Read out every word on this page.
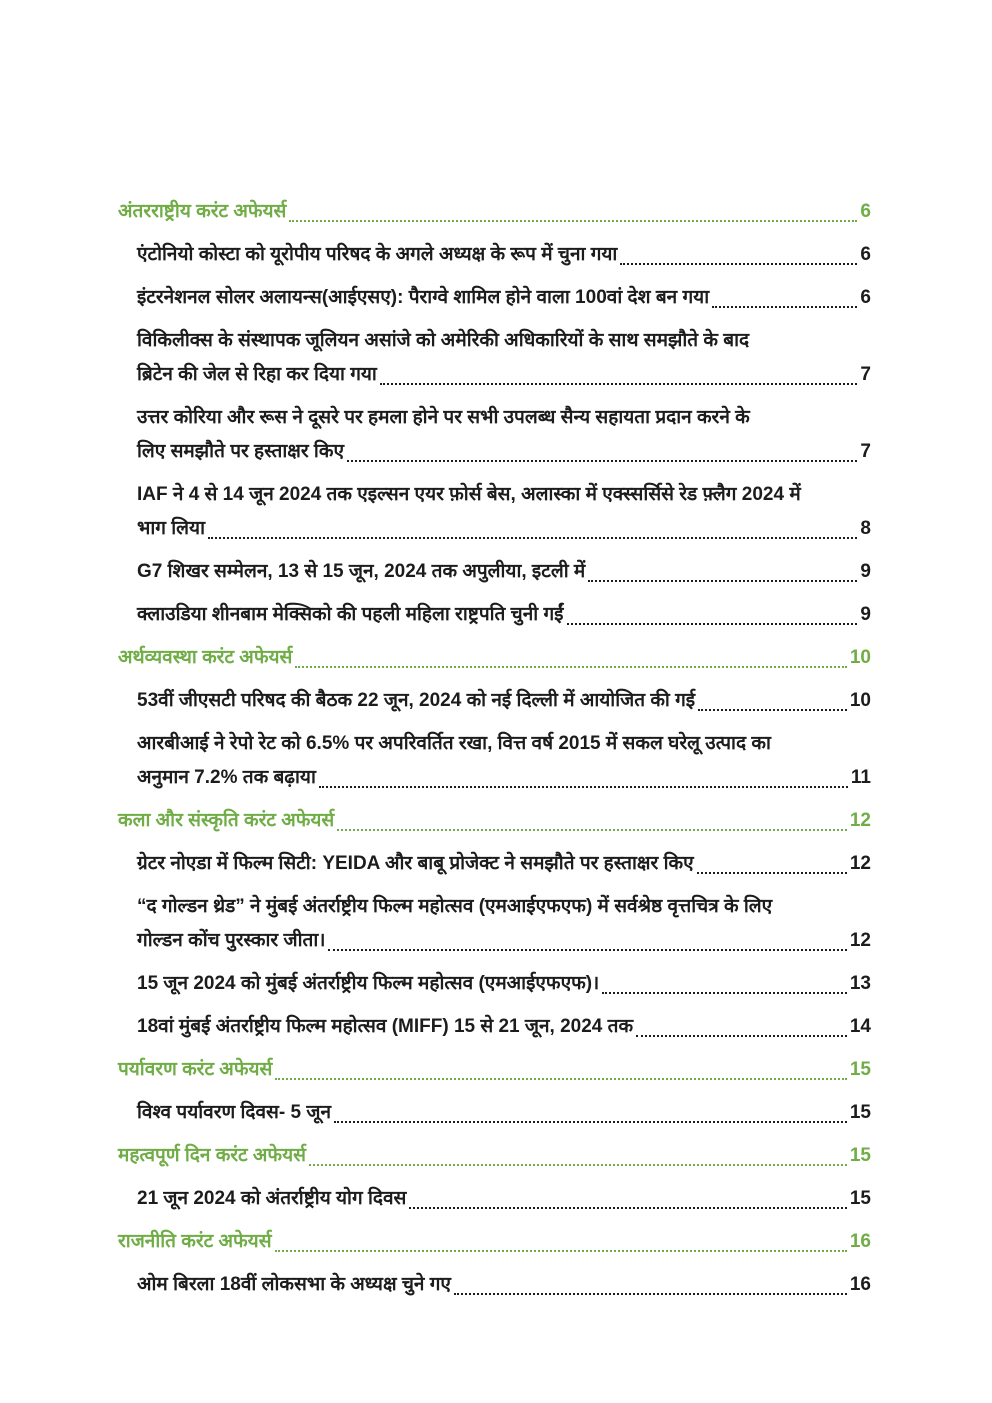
अंतरराष्ट्रीय करंट अफेयर्स	6
एंटोनियो कोस्टा को यूरोपीय परिषद के अगले अध्यक्ष के रूप में चुना गया	6
इंटरनेशनल सोलर अलायन्स(आईएसए): पैराग्वे शामिल होने वाला 100वां देश बन गया	6
विकिलीक्स के संस्थापक जूलियन असांजे को अमेरिकी अधिकारियों के साथ समझौते के बाद
ब्रिटेन की जेल से रिहा कर दिया गया	7
उत्तर कोरिया और रूस ने दूसरे पर हमला होने पर सभी उपलब्ध सैन्य सहायता प्रदान करने के
लिए समझौते पर हस्ताक्षर किए	7
IAF ने 4 से 14 जून 2024 तक एइल्सन एयर फ़ोर्स बेस, अलास्का में एक्स्सर्सिसे रेड फ़्लैग 2024 में
भाग लिया	8
G7 शिखर सम्मेलन, 13 से 15 जून, 2024 तक अपुलीया, इटली में	9
क्लाउडिया शीनबाम मेक्सिको की पहली महिला राष्ट्रपति चुनी गईं	9
अर्थव्यवस्था करंट अफेयर्स	10
53वीं जीएसटी परिषद की बैठक 22 जून, 2024 को नई दिल्ली में आयोजित की गई	10
आरबीआई ने रेपो रेट को 6.5% पर अपरिवर्तित रखा, वित्त वर्ष 2015 में सकल घरेलू उत्पाद का
अनुमान 7.2% तक बढ़ाया	11
कला और संस्कृति करंट अफेयर्स	12
ग्रेटर नोएडा में फिल्म सिटी: YEIDA और बाबू प्रोजेक्ट ने समझौते पर हस्ताक्षर किए	12
“द गोल्डन थ्रेड” ने मुंबई अंतर्राष्ट्रीय फिल्म महोत्सव (एमआईएफएफ) में सर्वश्रेष्ठ वृत्तचित्र के लिए
गोल्डन कोंच पुरस्कार जीता।	12
15 जून 2024 को मुंबई अंतर्राष्ट्रीय फिल्म महोत्सव (एमआईएफएफ)।	13
18वां मुंबई अंतर्राष्ट्रीय फिल्म महोत्सव (MIFF) 15 से 21 जून, 2024 तक	14
पर्यावरण करंट अफेयर्स	15
विश्व पर्यावरण दिवस- 5 जून	15
महत्वपूर्ण दिन करंट अफेयर्स	15
21 जून 2024 को अंतर्राष्ट्रीय योग दिवस	15
राजनीति करंट अफेयर्स	16
ओम बिरला 18वीं लोकसभा के अध्यक्ष चुने गए	16
